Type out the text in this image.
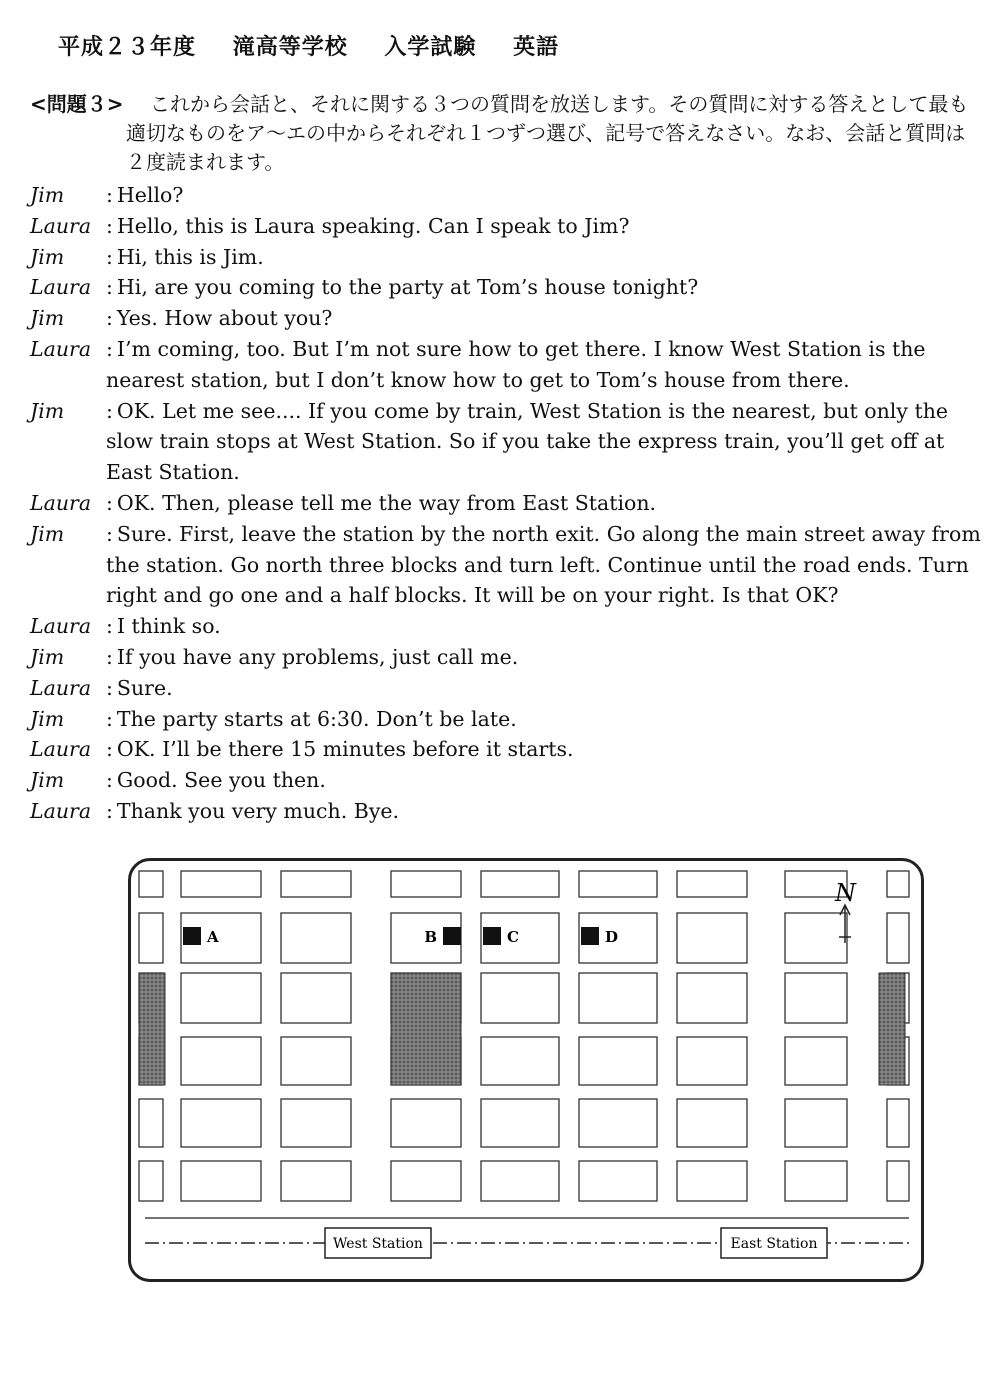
平成２３年度 滝高等学校 入学試験 英語
<問題３>	これから会話と、それに関する３つの質問を放送します。その質問に対する答えとして最も適切なものをア〜エの中からそれぞれ１つずつ選び、記号で答えなさい。なお、会話と質問は２度読まれます。
Jim	: Hello?
Laura : Hello, this is Laura speaking. Can I speak to Jim?
Jim	: Hi, this is Jim.
Laura : Hi, are you coming to the party at Tom’s house tonight?
Jim	: Yes. How about you?
Laura : I’m coming, too. But I’m not sure how to get there. I know West Station is the nearest station, but I don’t know how to get to Tom’s house from there.
Jim	: OK. Let me see.... If you come by train, West Station is the nearest, but only the slow train stops at West Station. So if you take the express train, you’ll get off at East Station.
Laura : OK. Then, please tell me the way from East Station.
Jim	: Sure. First, leave the station by the north exit. Go along the main street away from the station. Go north three blocks and turn left. Continue until the road ends. Turn right and go one and a half blocks. It will be on your right. Is that OK?
Laura : I think so.
Jim	: If you have any problems, just call me.
Laura : Sure.
Jim	: The party starts at 6:30. Don’t be late.
Laura : OK. I’ll be there 15 minutes before it starts.
Jim	: Good. See you then.
Laura : Thank you very much. Bye.
West Station	East Station
A	B	C	D
N
